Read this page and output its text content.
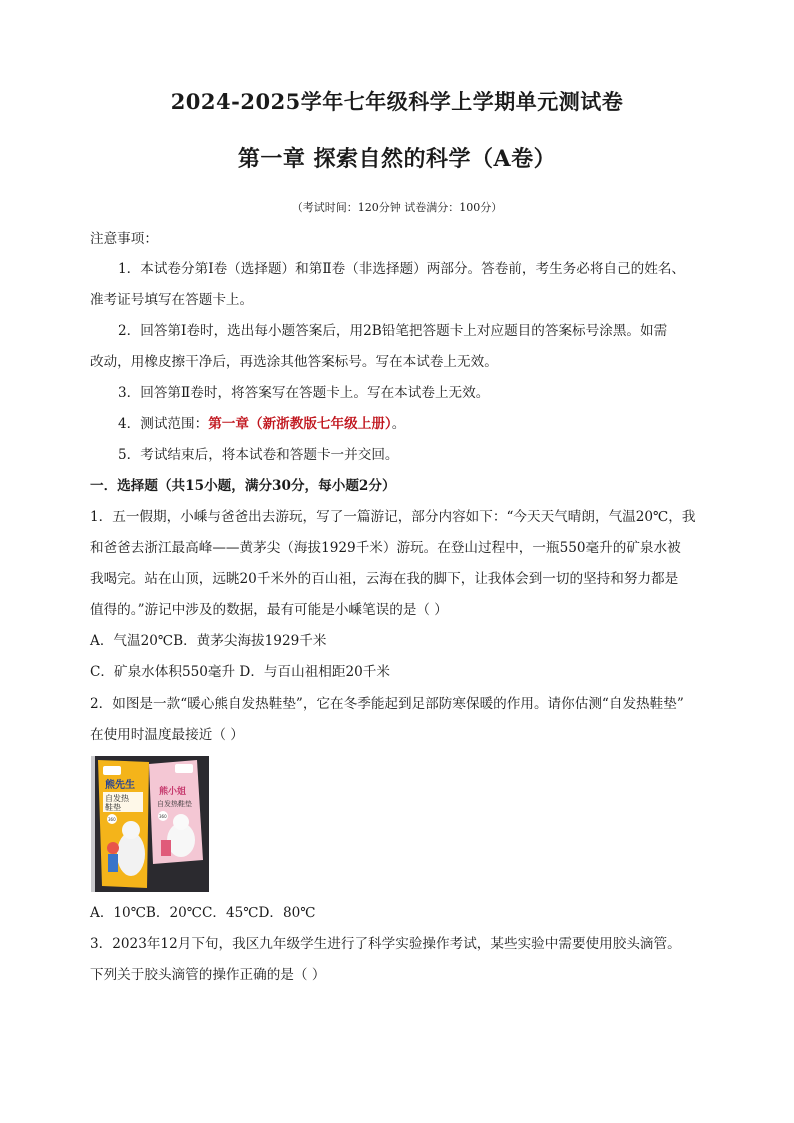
2024-2025学年七年级科学上学期单元测试卷
第一章 探索自然的科学（A卷）
（考试时间：120分钟 试卷满分：100分）
注意事项：
1．本试卷分第Ⅰ卷（选择题）和第Ⅱ卷（非选择题）两部分。答卷前，考生务必将自己的姓名、
准考证号填写在答题卡上。
2．回答第Ⅰ卷时，选出每小题答案后，用2B铅笔把答题卡上对应题目的答案标号涂黑。如需
改动，用橡皮擦干净后，再选涂其他答案标号。写在本试卷上无效。
3．回答第Ⅱ卷时，将答案写在答题卡上。写在本试卷上无效。
4．测试范围：第一章（新浙教版七年级上册）。
5．考试结束后，将本试卷和答题卡一并交回。
一．选择题（共15小题，满分30分，每小题2分）
1．五一假期，小嵊与爸爸出去游玩，写了一篇游记，部分内容如下：“今天天气晴朗，气温20℃，我
和爸爸去浙江最高峰——黄茅尖（海拔1929千米）游玩。在登山过程中，一瓶550毫升的矿泉水被
我喝完。站在山顶，远眺20千米外的百山祖，云海在我的脚下，让我体会到一切的坚持和努力都是
值得的。”游记中涉及的数据，最有可能是小嵊笔误的是（ ）
A．气温20℃B．黄茅尖海拔1929千米
C．矿泉水体积550毫升 D．与百山祖相距20千米
2．如图是一款“暖心熊自发热鞋垫”，它在冬季能起到足部防寒保暖的作用。请你估测“自发热鞋垫”
在使用时温度最接近（ ）
熊先生
自发热
鞋垫
360
熊小姐
自发热鞋垫
360
A．10℃B．20℃C．45℃D．80℃
3．2023年12月下旬，我区九年级学生进行了科学实验操作考试，某些实验中需要使用胶头滴管。
下列关于胶头滴管的操作正确的是（ ）
